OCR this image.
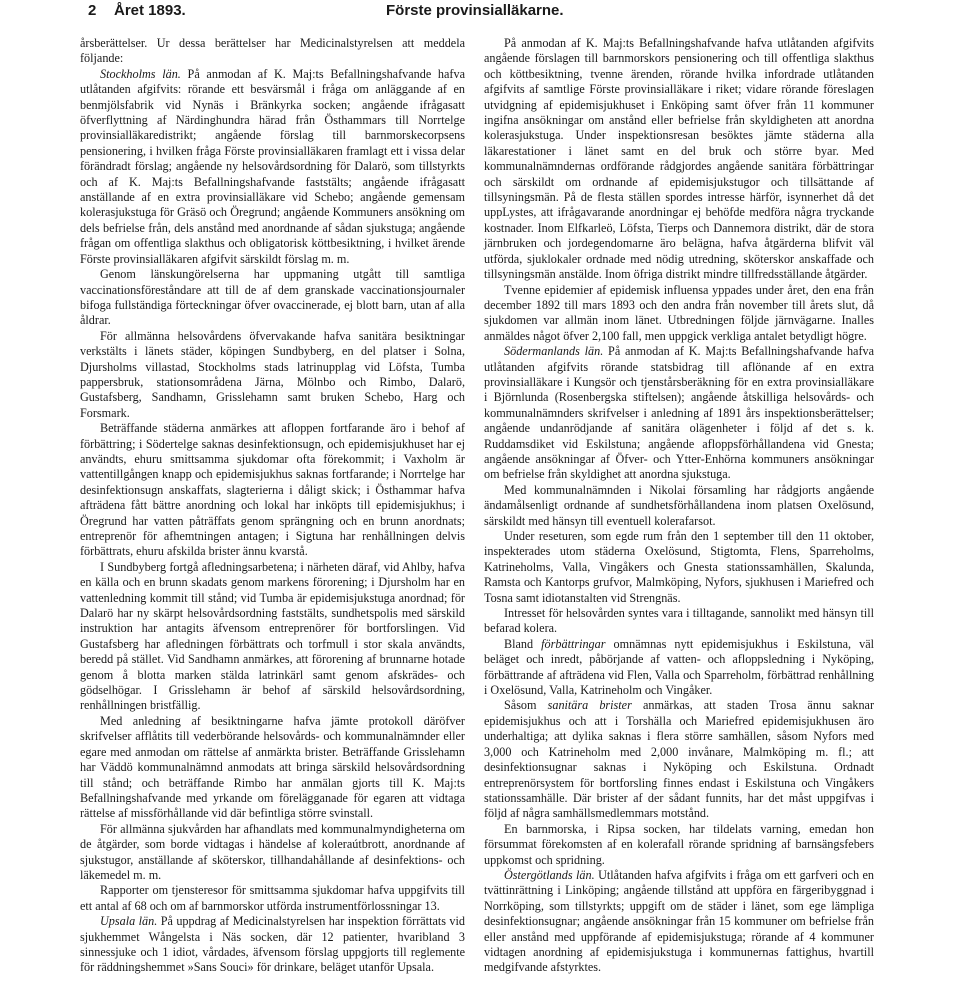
2 Året 1893.	Förste provinsialläkarne.

årsberättelser. Ur dessa berättelser har Medicinalstyrelsen att meddela följande:

Stockholms län. På anmodan af K. Maj:ts Befallningshafvande hafva utlåtanden afgifvits: rörande ett besvärsmål i fråga om anläggande af en benmjölsfabrik vid Nynäs i Bränkyrka socken; angående ifrågasatt öfverflyttning af Närdinghundra härad från Östhammars till Norrtelge provinsialläkaredistrikt; angående förslag till barnmorskecorpsens pensionering, i hvilken fråga Förste provinsialläkaren framlagt ett i vissa delar förändradt förslag; angående ny helsovårdsordning för Dalarö, som tillstyrkts och af K. Maj:ts Befallningshafvande faststälts; angående ifrågasatt anställande af en extra provinsialläkare vid Schebo; angående gemensam kolerasjukstuga för Gräsö och Öregrund; angående Kommuners ansökning om dels befrielse från, dels anstånd med anordnande af sådan sjukstuga; angående frågan om offentliga slakthus och obligatorisk köttbesiktning, i hvilket ärende Förste provinsialläkaren afgifvit särskildt förslag m. m.

Genom länskungörelserna har uppmaning utgått till samtliga vaccinationsföreståndare att till de af dem granskade vaccinationsjournaler bifoga fullständiga förteckningar öfver ovaccinerade, ej blott barn, utan af alla åldrar.

För allmänna helsovårdens öfvervakande hafva sanitära besiktningar verkstälts i länets städer, köpingen Sundbyberg, en del platser i Solna, Djursholms villastad, Stockholms stads latrinupplag vid Löfsta, Tumba pappersbruk, stationsområdena Järna, Mölnbo och Rimbo, Dalarö, Gustafsberg, Sandhamn, Grisslehamn samt bruken Schebo, Harg och Forsmark.

Beträffande städerna anmärkes att afloppen fortfarande äro i behof af förbättring; i Södertelge saknas desinfektionsugn, och epidemisjukhuset har ej användts, ehuru smittsamma sjukdomar ofta förekommit; i Vaxholm är vattentillgången knapp och epidemisjukhus saknas fortfarande; i Norrtelge har desinfektionsugn anskaffats, slagterierna i dåligt skick; i Östhammar hafva afträdena fått bättre anordning och lokal har inköpts till epidemisjukhus; i Öregrund har vatten påträffats genom sprängning och en brunn anordnats; entreprenör för afhemtningen antagen; i Sigtuna har renhållningen delvis förbättrats, ehuru afskilda brister ännu kvarstå.

I Sundbyberg fortgå afledningsarbetena; i närheten däraf, vid Ahlby, hafva en källa och en brunn skadats genom markens förorening; i Djursholm har en vattenledning kommit till stånd; vid Tumba är epidemisjukstuga anordnad; för Dalarö har ny skärpt helsovårdsordning faststälts, sundhetspolis med särskild instruktion har antagits äfvensom entreprenörer för bortforslingen. Vid Gustafsberg har afledningen förbättrats och torfmull i stor skala användts, beredd på stället. Vid Sandhamn anmärkes, att förorening af brunnarne hotade genom å blotta marken stälda latrinkärl samt genom afskrädes- och gödselhögar. I Grisslehamn är behof af särskild helsovårdsordning, renhållningen bristfällig.

Med anledning af besiktningarne hafva jämte protokoll däröfver skrifvelser afflåtits till vederbörande helsovårds- och kommunalnämnder eller egare med anmodan om rättelse af anmärkta brister. Beträffande Grisslehamn har Väddö kommunalnämnd anmodats att bringa särskild helsovårdsordning till stånd; och beträffande Rimbo har anmälan gjorts till K. Maj:ts Befallningshafvande med yrkande om förelägganade för egaren att vidtaga rättelse af missförhållande vid där befintliga större svinstall.

För allmänna sjukvården har afhandlats med kommunalmyndigheterna om de åtgärder, som borde vidtagas i händelse af koleraútbrott, anordnande af sjukstugor, anställande af sköterskor, tillhandahållande af desinfektions- och läkemedel m. m.

Rapporter om tjensteresor för smittsamma sjukdomar hafva uppgifvits till ett antal af 68 och om af barnmorskor utförda instrumentförlossningar 13.

Upsala län. På uppdrag af Medicinalstyrelsen har inspektion förrättats vid sjukhemmet Wångelsta i Näs socken, där 12 patienter, hvaribland 3 sinnessjuke och 1 idiot, vårdades, äfvensom förslag uppgjorts till reglemente för räddningshemmet »Sans Souci» för drinkare, beläget utanför Upsala.

På anmodan af K. Maj:ts Befallningshafvande hafva utlåtanden afgifvits angående förslagen till barnmorskors pensionering och till offentliga slakthus och köttbesiktning, tvenne ärenden, rörande hvilka infordrade utlåtanden afgifvits af samtlige Förste provinsialläkare i riket; vidare rörande föreslagen utvidgning af epidemisjukhuset i Enköping samt öfver från 11 kommuner ingifna ansökningar om anstånd eller befrielse från skyldigheten att anordna kolerasjukstuga. Under inspektionsresan besöktes jämte städerna alla läkarestationer i länet samt en del bruk och större byar. Med kommunalnämndernas ordförande rådgjordes angående sanitära förbättringar och särskildt om ordnande af epidemisjukstugor och tillsättande af tillsyningsmän. På de flesta ställen spordes intresse härför, isynnerhet då det uppLystes, att ifrågavarande anordningar ej behöfde medföra några tryckande kostnader. Inom Elfkarleö, Löfsta, Tierps och Dannemora distrikt, där de stora järnbruken och jordegendomarne äro belägna, hafva åtgärderna blifvit väl utförda, sjuklokaler ordnade med nödig utredning, sköterskor anskaffade och tillsyningsmän anstälde. Inom öfriga distrikt mindre tillfredsställande åtgärder.

Tvenne epidemier af epidemisk influensa yppades under året, den ena från december 1892 till mars 1893 och den andra från november till årets slut, då sjukdomen var allmän inom länet. Utbredningen följde järnvägarne. Inalles anmäldes något öfver 2,100 fall, men uppgick verkliga antalet betydligt högre.

Södermanlands län. På anmodan af K. Maj:ts Befallningshafvande hafva utlåtanden afgifvits rörande statsbidrag till aflönande af en extra provinsialläkare i Kungsör och tjenstårsberäkning för en extra provinsialläkare i Björnlunda (Rosenbergska stiftelsen); angående åtskilliga helsovårds- och kommunalnämnders skrifvelser i anledning af 1891 års inspektionsberättelser; angående undanrödjande af sanitära olägenheter i följd af det s. k. Ruddamsdiket vid Eskilstuna; angående afloppsförhållandena vid Gnesta; angående ansökningar af Öfver- och Ytter-Enhörna kommuners ansökningar om befrielse från skyldighet att anordna sjukstuga.

Med kommunalnämnden i Nikolai församling har rådgjorts angående ändamålsenligt ordnande af sundhetsförhållandena inom platsen Oxelösund, särskildt med hänsyn till eventuell kolerafarsot.

Under reseturen, som egde rum från den 1 september till den 11 oktober, inspekterades utom städerna Oxelösund, Stigtomta, Flens, Sparreholms, Katrineholms, Valla, Vingåkers och Gnesta stationssamhällen, Skalunda, Ramsta och Kantorps grufvor, Malmköping, Nyfors, sjukhusen i Mariefred och Tosna samt idiotanstalten vid Strengnäs.

Intresset för helsovården syntes vara i tilltagande, sannolikt med hänsyn till befarad kolera.

Bland förbättringar omnämnas nytt epidemisjukhus i Eskilstuna, väl beläget och inredt, påbörjande af vatten- och afloppsledning i Nyköping, förbättrande af afträdena vid Flen, Valla och Sparreholm, förbättrad renhållning i Oxelösund, Valla, Katrineholm och Vingåker.

Såsom sanitära brister anmärkas, att staden Trosa ännu saknar epidemisjukhus och att i Torshälla och Mariefred epidemisjukhusen äro underhaltiga; att dylika saknas i flera större samhällen, såsom Nyfors med 3,000 och Katrineholm med 2,000 invånare, Malmköping m. fl.; att desinfektionsugnar saknas i Nyköping och Eskilstuna. Ordnadt entreprenörsystem för bortforsling finnes endast i Eskilstuna och Vingåkers stationssamhälle. Där brister af der sådant funnits, har det måst uppgifvas i följd af några samhällsmedlemmars motstånd.

En barnmorska, i Ripsa socken, har tildelats varning, emedan hon försummat förekomsten af en kolerafall rörande spridning af barnsängsfebers uppkomst och spridning.

Östergötlands län. Utlåtanden hafva afgifvits i fråga om ett garfveri och en tvättinrättning i Linköping; angående tillstånd att uppföra en färgeribyggnad i Norrköping, som tillstyrkts; uppgift om de städer i länet, som ege lämpliga desinfektionsugnar; angående ansökningar från 15 kommuner om befrielse från eller anstånd med uppförande af epidemisjukstuga; rörande af 4 kommuner vidtagen anordning af epidemisjukstuga i kommunernas fattighus, hvartill medgifvande afstyrktes.
